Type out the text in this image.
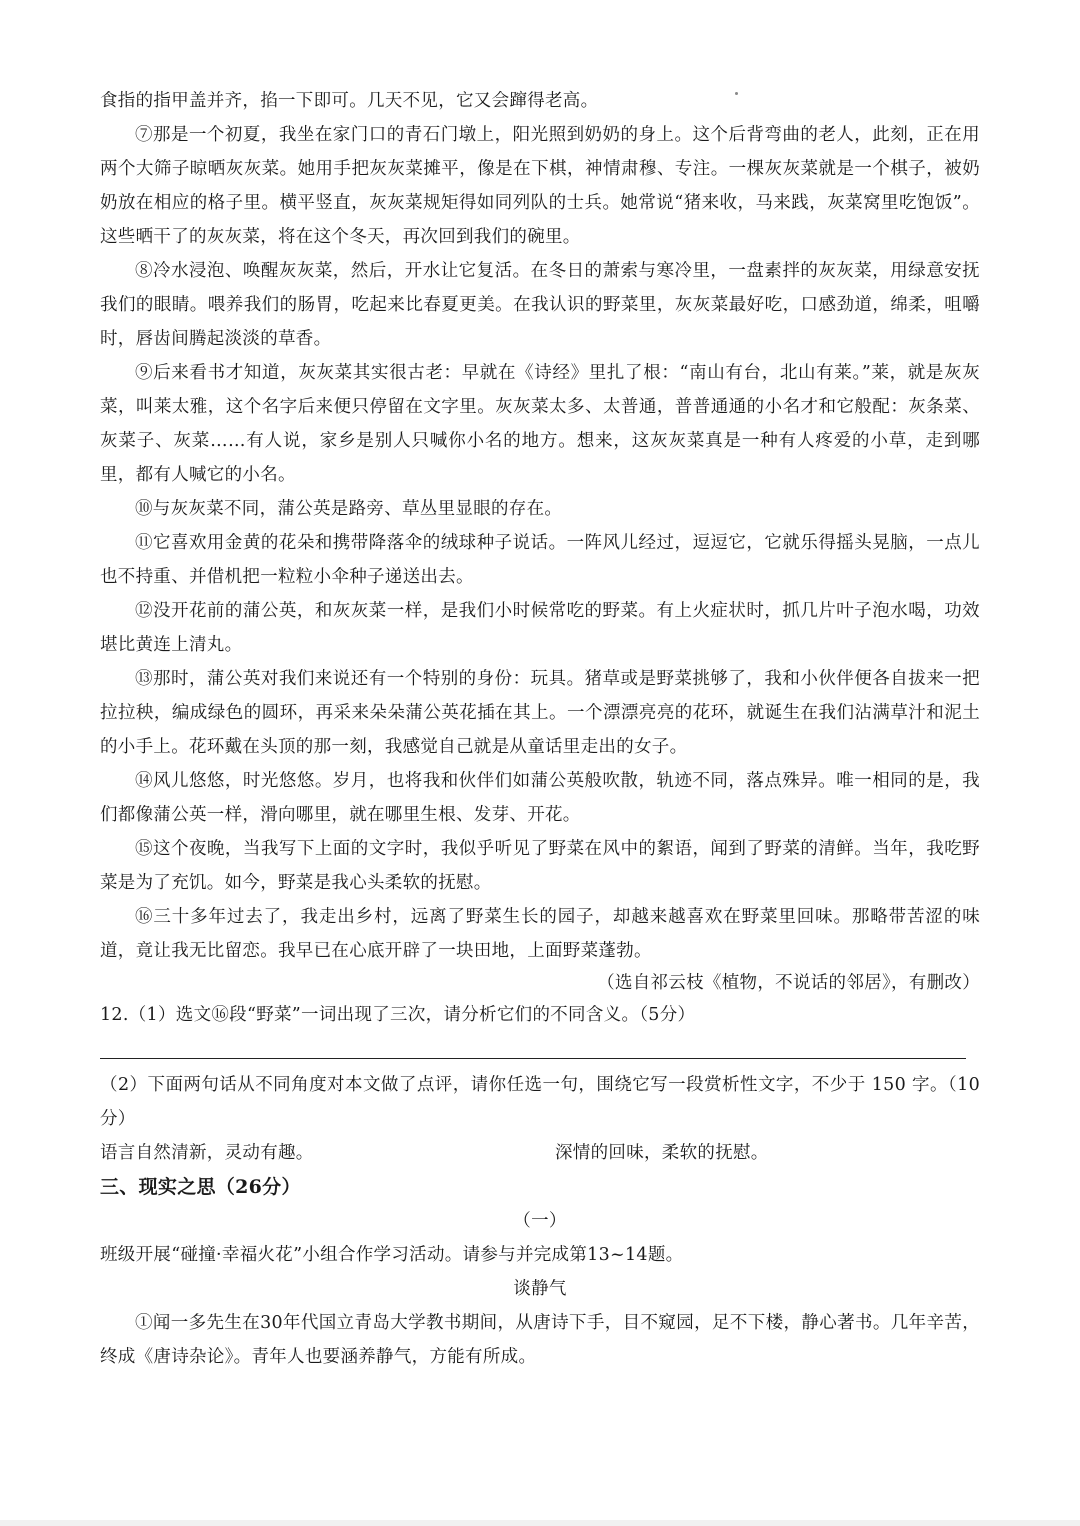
食指的指甲盖并齐，掐一下即可。几天不见，它又会蹿得老高。

⑦那是一个初夏，我坐在家门口的青石门墩上，阳光照到奶奶的身上。这个后背弯曲的老人，此刻，正在用两个大筛子晾晒灰灰菜。她用手把灰灰菜摊平，像是在下棋，神情肃穆、专注。一棵灰灰菜就是一个棋子，被奶奶放在相应的格子里。横平竖直，灰灰菜规矩得如同列队的士兵。她常说“猪来收，马来践，灰菜窝里吃饱饭”。这些晒干了的灰灰菜，将在这个冬天，再次回到我们的碗里。

⑧冷水浸泡、唤醒灰灰菜，然后，开水让它复活。在冬日的萧索与寒冷里，一盘素拌的灰灰菜，用绿意安抚我们的眼睛。喂养我们的肠胃，吃起来比春夏更美。在我认识的野菜里，灰灰菜最好吃，口感劲道，绵柔，咀嚼时，唇齿间腾起淡淡的草香。

⑨后来看书才知道，灰灰菜其实很古老：早就在《诗经》里扎了根：“南山有台，北山有莱。”莱，就是灰灰菜，叫莱太雅，这个名字后来便只停留在文字里。灰灰菜太多、太普通，普普通通的小名才和它般配：灰条菜、灰菜子、灰菜……有人说，家乡是别人只喊你小名的地方。想来，这灰灰菜真是一种有人疼爱的小草，走到哪里，都有人喊它的小名。

⑩与灰灰菜不同，蒲公英是路旁、草丛里显眼的存在。

⑪它喜欢用金黄的花朵和携带降落伞的绒球种子说话。一阵风儿经过，逗逗它，它就乐得摇头晃脑，一点儿也不持重、并借机把一粒粒小伞种子递送出去。

⑫没开花前的蒲公英，和灰灰菜一样，是我们小时候常吃的野菜。有上火症状时，抓几片叶子泡水喝，功效堪比黄连上清丸。

⑬那时，蒲公英对我们来说还有一个特别的身份：玩具。猪草或是野菜挑够了，我和小伙伴便各自拔来一把拉拉秧，编成绿色的圆环，再采来朵朵蒲公英花插在其上。一个漂漂亮亮的花环，就诞生在我们沾满草汁和泥土的小手上。花环戴在头顶的那一刻，我感觉自己就是从童话里走出的女子。

⑭风儿悠悠，时光悠悠。岁月，也将我和伙伴们如蒲公英般吹散，轨迹不同，落点殊异。唯一相同的是，我们都像蒲公英一样，滑向哪里，就在哪里生根、发芽、开花。

⑮这个夜晚，当我写下上面的文字时，我似乎听见了野菜在风中的絮语，闻到了野菜的清鲜。当年，我吃野菜是为了充饥。如今，野菜是我心头柔软的抚慰。

⑯三十多年过去了，我走出乡村，远离了野菜生长的园子，却越来越喜欢在野菜里回味。那略带苦涩的味道，竟让我无比留恋。我早已在心底开辟了一块田地，上面野菜蓬勃。

（选自祁云枝《植物，不说话的邻居》，有删改）

12.（1）选文⑯段“野菜”一词出现了三次，请分析它们的不同含义。（5分）

（2）下面两句话从不同角度对本文做了点评，请你任选一句，围绕它写一段赏析性文字，不少于 150 字。（10分）

语言自然清新，灵动有趣。	深情的回味，柔软的抚慰。

三、现实之思（26分）

（一）

班级开展“碰撞·幸福火花”小组合作学习活动。请参与并完成第13~14题。

谈静气

①闻一多先生在30年代国立青岛大学教书期间，从唐诗下手，目不窥园，足不下楼，静心著书。几年辛苦，终成《唐诗杂论》。青年人也要涵养静气，方能有所成。
